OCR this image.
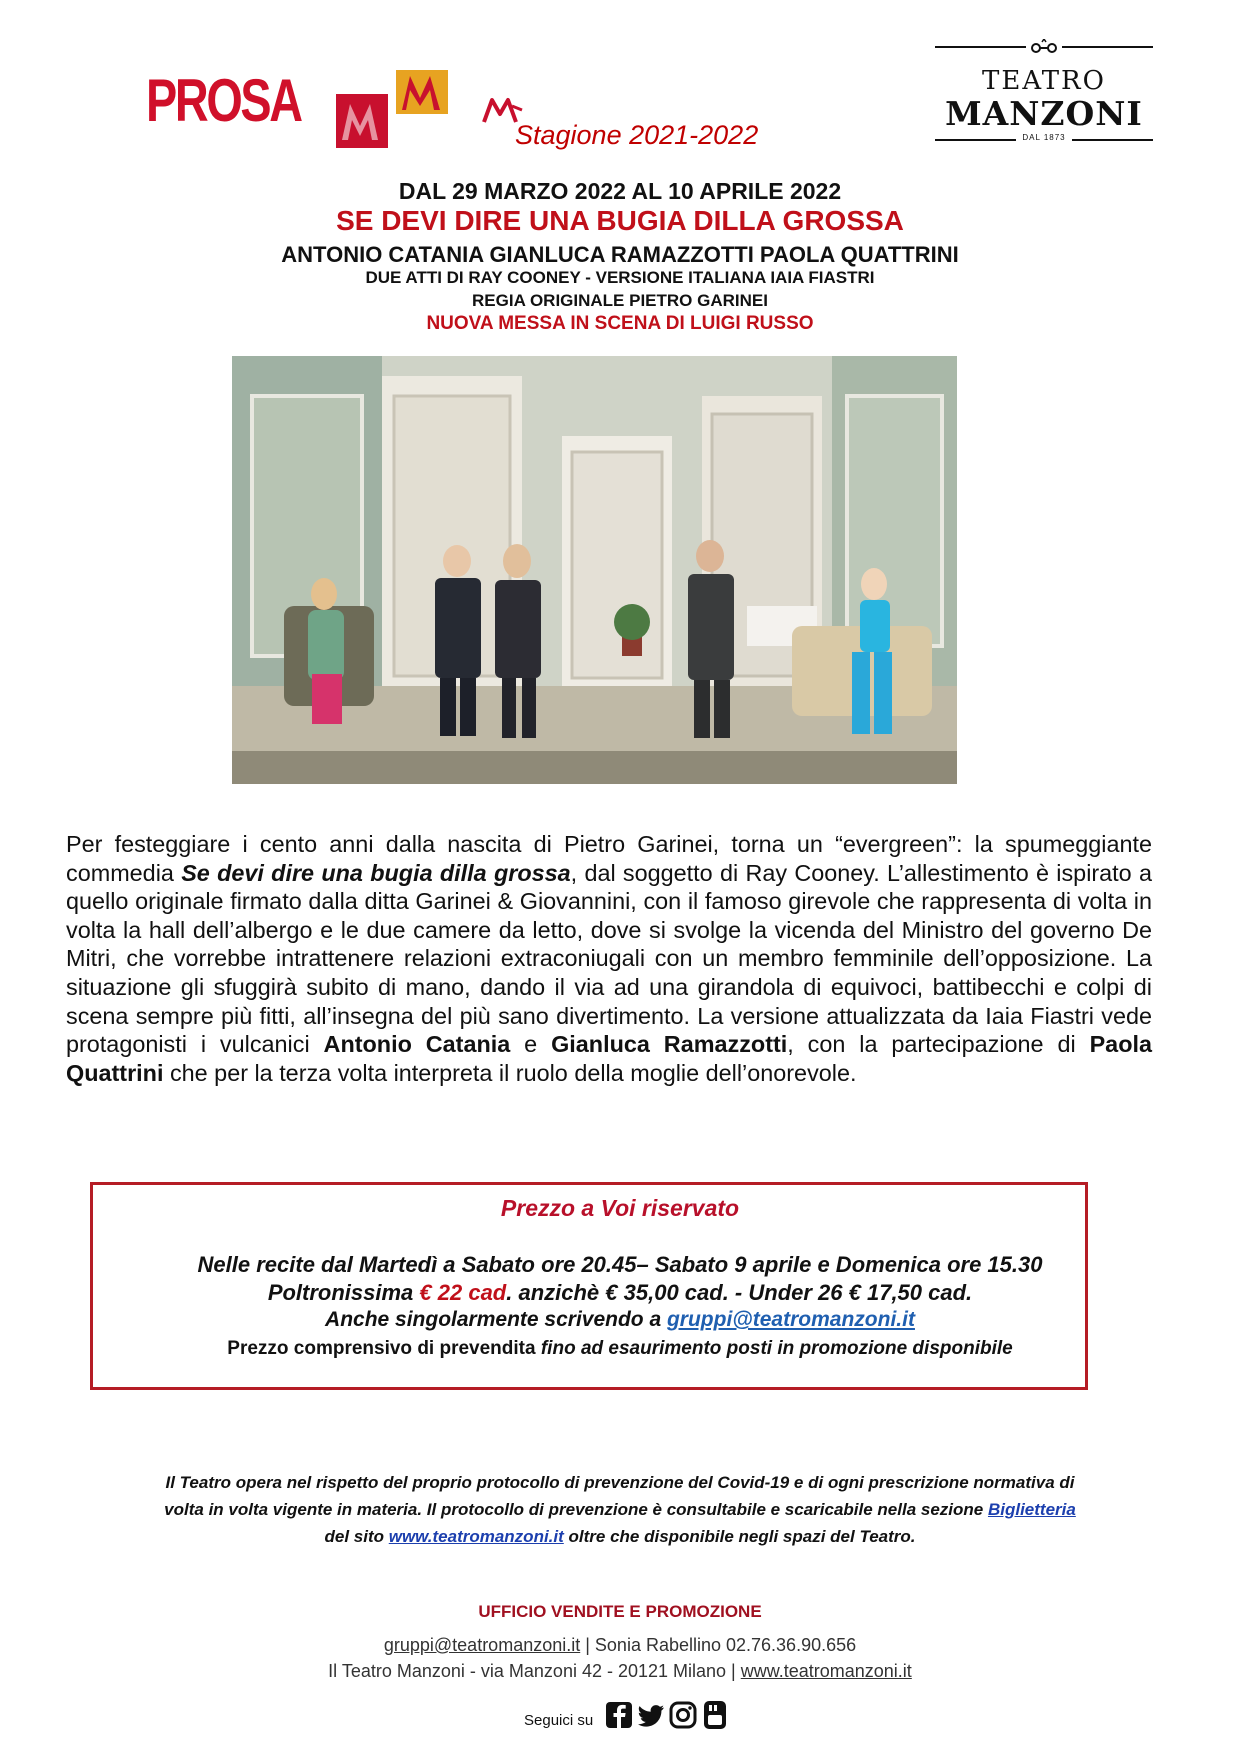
PROSA
Stagione 2021-2022
TEATRO
MANZONI
DAL 1873
DAL 29 MARZO 2022 AL 10 APRILE 2022
SE DEVI DIRE UNA BUGIA DILLA GROSSA
ANTONIO CATANIA GIANLUCA RAMAZZOTTI PAOLA QUATTRINI
DUE ATTI DI RAY COONEY - VERSIONE ITALIANA IAIA FIASTRI
REGIA ORIGINALE PIETRO GARINEI
NUOVA MESSA IN SCENA DI LUIGI RUSSO
Per festeggiare i cento anni dalla nascita di Pietro Garinei, torna un “evergreen”: la spumeggiante commedia Se devi dire una bugia dilla grossa, dal soggetto di Ray Cooney. L’allestimento è ispirato a quello originale firmato dalla ditta Garinei & Giovannini, con il famoso girevole che rappresenta di volta in volta la hall dell’albergo e le due camere da letto, dove si svolge la vicenda del Ministro del governo De Mitri, che vorrebbe intrattenere relazioni extraconiugali con un membro femminile dell’opposizione. La situazione gli sfuggirà subito di mano, dando il via ad una girandola di equivoci, battibecchi e colpi di scena sempre più fitti, all’insegna del più sano divertimento. La versione attualizzata da Iaia Fiastri vede protagonisti i vulcanici Antonio Catania e Gianluca Ramazzotti, con la partecipazione di Paola Quattrini che per la terza volta interpreta il ruolo della moglie dell’onorevole.
Prezzo a Voi riservato
Nelle recite dal Martedì a Sabato ore 20.45– Sabato 9 aprile e Domenica ore 15.30
Poltronissima € 22 cad. anzichè € 35,00 cad. - Under 26 € 17,50 cad.
Anche singolarmente scrivendo a gruppi@teatromanzoni.it
Prezzo comprensivo di prevendita fino ad esaurimento posti in promozione disponibile
Il Teatro opera nel rispetto del proprio protocollo di prevenzione del Covid-19 e di ogni prescrizione normativa di
volta in volta vigente in materia. Il protocollo di prevenzione è consultabile e scaricabile nella sezione Biglietteria
del sito www.teatromanzoni.it oltre che disponibile negli spazi del Teatro.
UFFICIO VENDITE E PROMOZIONE
gruppi@teatromanzoni.it | Sonia Rabellino 02.76.36.90.656
Il Teatro Manzoni - via Manzoni 42 - 20121 Milano | www.teatromanzoni.it
Seguici su
